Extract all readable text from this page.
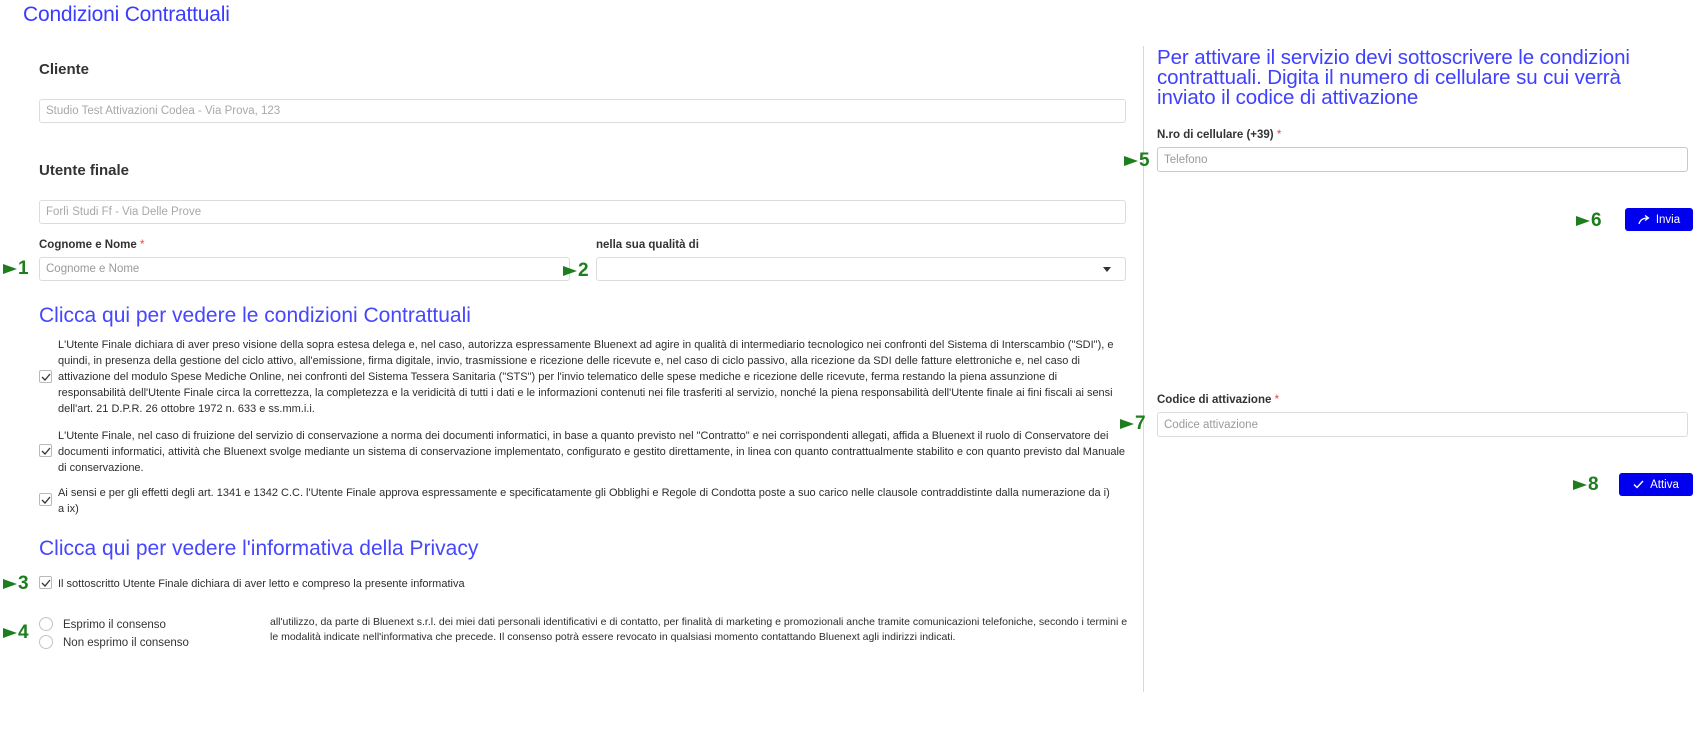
Condizioni Contrattuali
Cliente
Studio Test Attivazioni Codea - Via Prova, 123
Utente finale
Forlì Studi Ff - Via Delle Prove
Cognome e Nome *
Cognome e Nome
nella sua qualità di
Clicca qui per vedere le condizioni Contrattuali
L'Utente Finale dichiara di aver preso visione della sopra estesa delega e, nel caso, autorizza espressamente Bluenext ad agire in qualità di intermediario tecnologico nei confronti del Sistema di Interscambio ("SDI"), e quindi, in presenza della gestione del ciclo attivo, all'emissione, firma digitale, invio, trasmissione e ricezione delle ricevute e, nel caso di ciclo passivo, alla ricezione da SDI delle fatture elettroniche e, nel caso di attivazione del modulo Spese Mediche Online, nei confronti del Sistema Tessera Sanitaria ("STS") per l'invio telematico delle spese mediche e ricezione delle ricevute, ferma restando la piena assunzione di responsabilità dell'Utente Finale circa la correttezza, la completezza e la veridicità di tutti i dati e le informazioni contenuti nei file trasferiti al servizio, nonché la piena responsabilità dell'Utente finale ai fini fiscali ai sensi dell'art. 21 D.P.R. 26 ottobre 1972 n. 633 e ss.mm.i.i.
L'Utente Finale, nel caso di fruizione del servizio di conservazione a norma dei documenti informatici, in base a quanto previsto nel "Contratto" e nei corrispondenti allegati, affida a Bluenext il ruolo di Conservatore dei documenti informatici, attività che Bluenext svolge mediante un sistema di conservazione implementato, configurato e gestito direttamente, in linea con quanto contrattualmente stabilito e con quanto previsto dal Manuale di conservazione.
Ai sensi e per gli effetti degli art. 1341 e 1342 C.C. l'Utente Finale approva espressamente e specificatamente gli Obblighi e Regole di Condotta poste a suo carico nelle clausole contraddistinte dalla numerazione da i) a ix)
Clicca qui per vedere l'informativa della Privacy
Il sottoscritto Utente Finale dichiara di aver letto e compreso la presente informativa
Esprimo il consenso
Non esprimo il consenso
all'utilizzo, da parte di Bluenext s.r.l. dei miei dati personali identificativi e di contatto, per finalità di marketing e promozionali anche tramite comunicazioni telefoniche, secondo i termini e le modalità indicate nell'informativa che precede. Il consenso potrà essere revocato in qualsiasi momento contattando Bluenext agli indirizzi indicati.
Per attivare il servizio devi sottoscrivere le condizioni contrattuali. Digita il numero di cellulare su cui verrà inviato il codice di attivazione
N.ro di cellulare (+39) *
Telefono
Invia
Codice di attivazione *
Codice attivazione
Attiva
1	2
3
4
5
6
7
8
